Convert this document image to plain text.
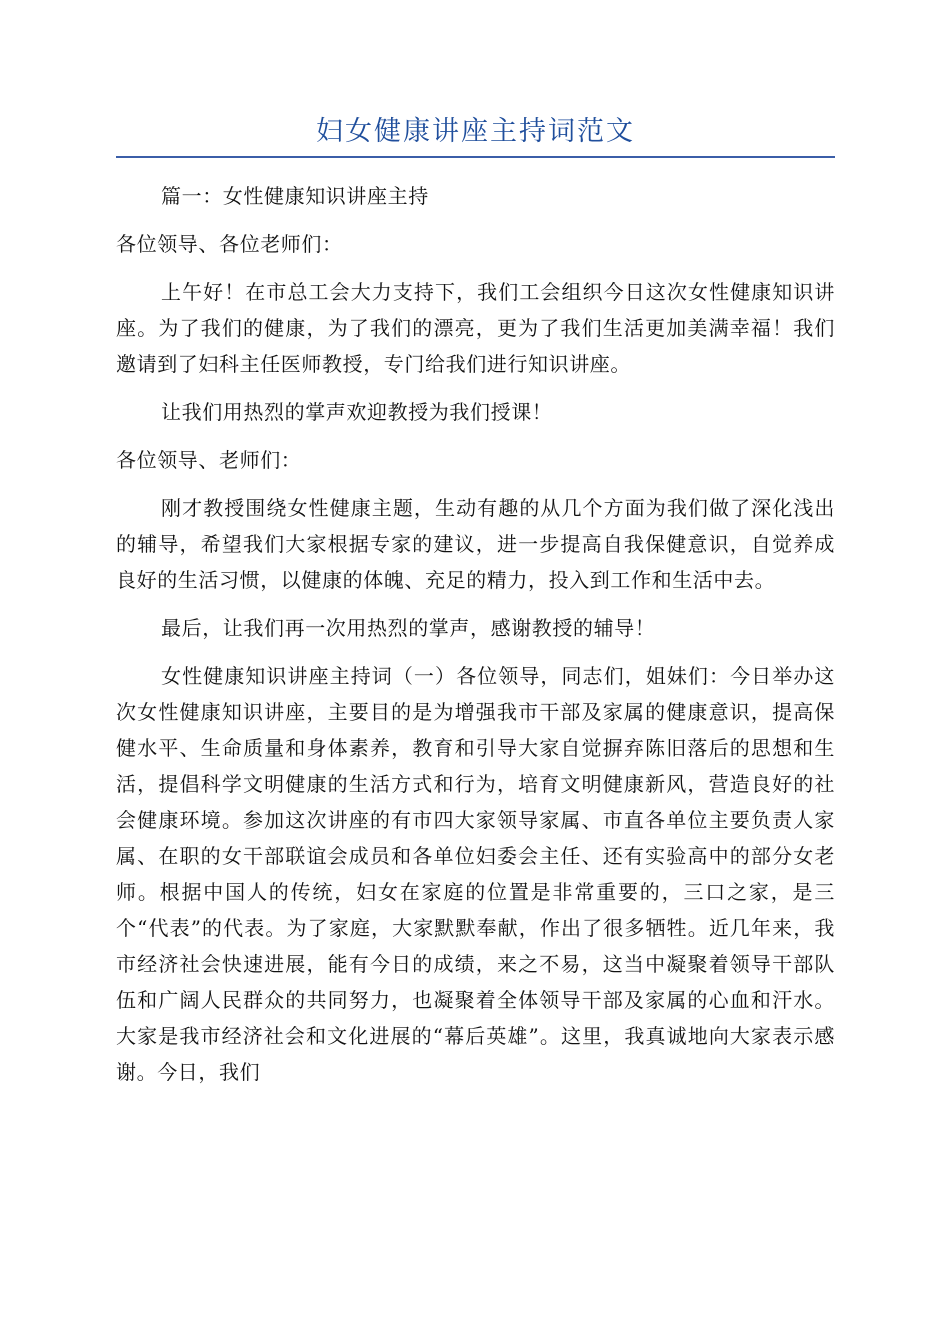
妇女健康讲座主持词范文

篇一：女性健康知识讲座主持

各位领导、各位老师们：

上午好！在市总工会大力支持下，我们工会组织今日这次女性健康知识讲座。为了我们的健康，为了我们的漂亮，更为了我们生活更加美满幸福！我们邀请到了妇科主任医师教授，专门给我们进行知识讲座。

让我们用热烈的掌声欢迎教授为我们授课！

各位领导、老师们：

刚才教授围绕女性健康主题，生动有趣的从几个方面为我们做了深化浅出的辅导，希望我们大家根据专家的建议，进一步提高自我保健意识，自觉养成良好的生活习惯，以健康的体魄、充足的精力，投入到工作和生活中去。

最后，让我们再一次用热烈的掌声，感谢教授的辅导！

女性健康知识讲座主持词（一）各位领导，同志们，姐妹们：今日举办这次女性健康知识讲座，主要目的是为增强我市干部及家属的健康意识，提高保健水平、生命质量和身体素养，教育和引导大家自觉摒弃陈旧落后的思想和生活，提倡科学文明健康的生活方式和行为，培育文明健康新风，营造良好的社会健康环境。参加这次讲座的有市四大家领导家属、市直各单位主要负责人家属、在职的女干部联谊会成员和各单位妇委会主任、还有实验高中的部分女老师。根据中国人的传统，妇女在家庭的位置是非常重要的，三口之家，是三个“代表”的代表。为了家庭，大家默默奉献，作出了很多牺牲。近几年来，我市经济社会快速进展，能有今日的成绩，来之不易，这当中凝聚着领导干部队伍和广阔人民群众的共同努力，也凝聚着全体领导干部及家属的心血和汗水。大家是我市经济社会和文化进展的“幕后英雄”。这里，我真诚地向大家表示感谢。今日，我们
